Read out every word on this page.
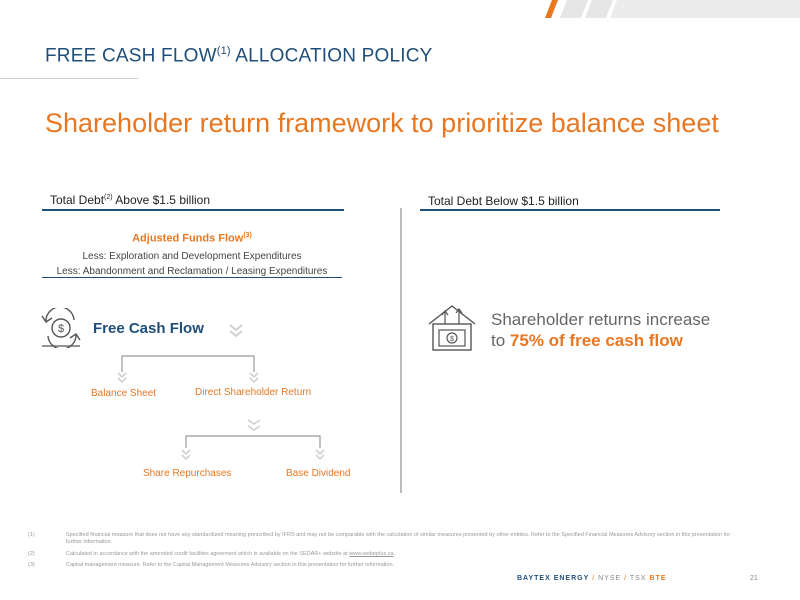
FREE CASH FLOW$^{(1)}$ ALLOCATION POLICY
Shareholder return framework to prioritize balance sheet
Total Debt$^{(2)}$ Above $1.5 billion
Adjusted Funds Flow$^{(3)}$
Less: Exploration and Development Expenditures
Less: Abandonment and Reclamation / Leasing Expenditures
$ Free Cash Flow
Balance Sheet	Direct Shareholder Return
Share Repurchases	Base Dividend
Total Debt Below $1.5 billion
$
Shareholder returns increase
to 75% of free cash flow
(1)	Specified financial measure that does not have any standardized meaning prescribed by IFRS and may not be comparable with the calculation of similar measures presented by other entities. Refer to the Specified Financial Measures Advisory section in this presentation for further information.
(2)	Calculated in accordance with the amended credit facilities agreement which is available on the SEDAR+ website at www.sedarplus.ca.
(3)	Capital management measure. Refer to the Capital Management Measures Advisory section in this presentation for further information.
BAYTEX ENERGY / NYSE / TSX BTE	21
